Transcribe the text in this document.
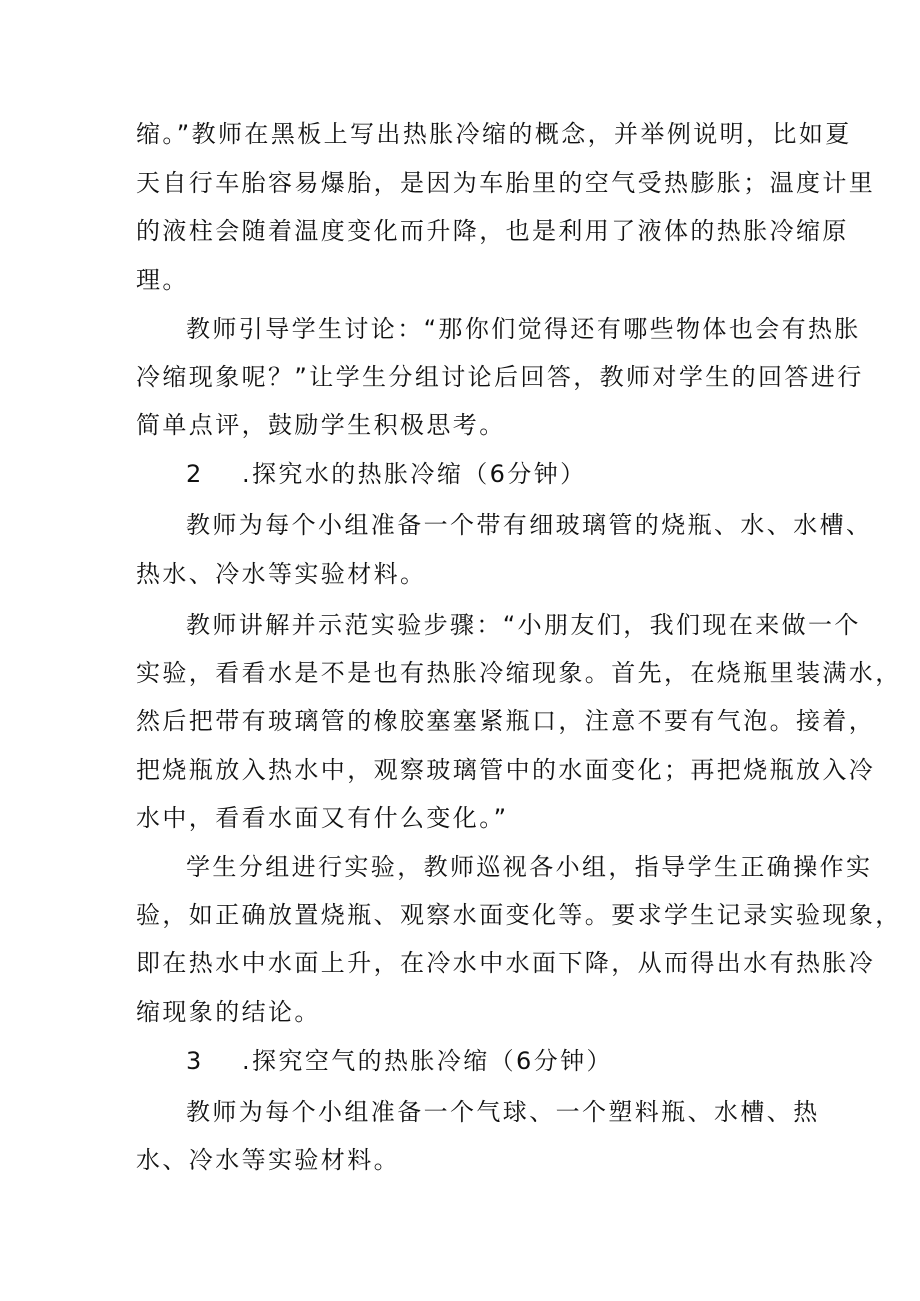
缩。”教师在黑板上写出热胀冷缩的概念，并举例说明，比如夏
天自行车胎容易爆胎，是因为车胎里的空气受热膨胀；温度计里
的液柱会随着温度变化而升降，也是利用了液体的热胀冷缩原
理。
教师引导学生讨论：“那你们觉得还有哪些物体也会有热胀
冷缩现象呢？”让学生分组讨论后回答，教师对学生的回答进行
简单点评，鼓励学生积极思考。
2 .探究水的热胀冷缩（6分钟）
教师为每个小组准备一个带有细玻璃管的烧瓶、水、水槽、
热水、冷水等实验材料。
教师讲解并示范实验步骤：“小朋友们，我们现在来做一个
实验，看看水是不是也有热胀冷缩现象。首先，在烧瓶里装满水，
然后把带有玻璃管的橡胶塞塞紧瓶口，注意不要有气泡。接着，
把烧瓶放入热水中，观察玻璃管中的水面变化；再把烧瓶放入冷
水中，看看水面又有什么变化。”
学生分组进行实验，教师巡视各小组，指导学生正确操作实
验，如正确放置烧瓶、观察水面变化等。要求学生记录实验现象，
即在热水中水面上升，在冷水中水面下降，从而得出水有热胀冷
缩现象的结论。
3 .探究空气的热胀冷缩（6分钟）
教师为每个小组准备一个气球、一个塑料瓶、水槽、热
水、冷水等实验材料。
